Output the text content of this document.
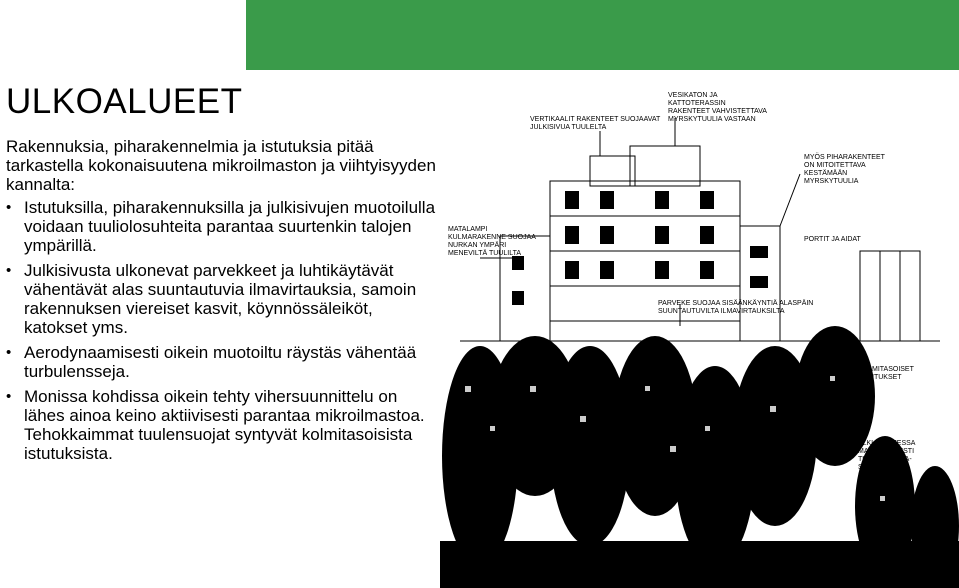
ULKOALUEET
Rakennuksia, piharakennelmia ja istutuksia pitää tarkastella kokonaisuutena mikroilmaston ja viihtyisyyden kannalta:
• Istutuksilla, piharakennuksilla ja julkisivujen muotoilulla voidaan tuuliolosuhteita parantaa suurtenkin talojen ympärillä.
• Julkisivusta ulkonevat parvekkeet ja luhtikäytävät vähentävät alas suuntautuvia ilmavirtauksia, samoin rakennuksen viereiset kasvit, köynnössäleiköt, katokset yms.
• Aerodynaamisesti oikein muotoiltu räystäs vähentää turbulensseja.
• Monissa kohdissa oikein tehty vihersuunnittelu on lähes ainoa keino aktiivisesti parantaa mikroilmastoa. Tehokkaimmat tuulensuojat syntyvät kolmitasoisista istutuksista.
VESIKATON JA
KATTOTERASSIN
RAKENTEET VAHVISTETTAVA
MYRSKYTUULIA VASTAAN
VERTIKAALIT RAKENTEET SUOJAAVAT
JULKISIVUA TUULELTA
MYÖS PIHARAKENTEET
ON MITOITETTAVA
KESTÄMÄÄN
MYRSKYTUULIA
MATALAMPI
KULMARAKENNE SUOJAA
NURKAN YMPÄRI
MENEVILTÄ TUULILTA
PORTIT JA AIDAT
PARVEKE SUOJAA SISÄÄNKÄYNTIÄ ALASPÄIN
SUUNTAUTUVILTA ILMAVIRTAUKSILTA
KOLMITASOISET
ISTUTUKSET
ALKUVAIHEESSA
MAHDOLLISESTI
TUULENSUOJA-
SÄLEIKKÖ
